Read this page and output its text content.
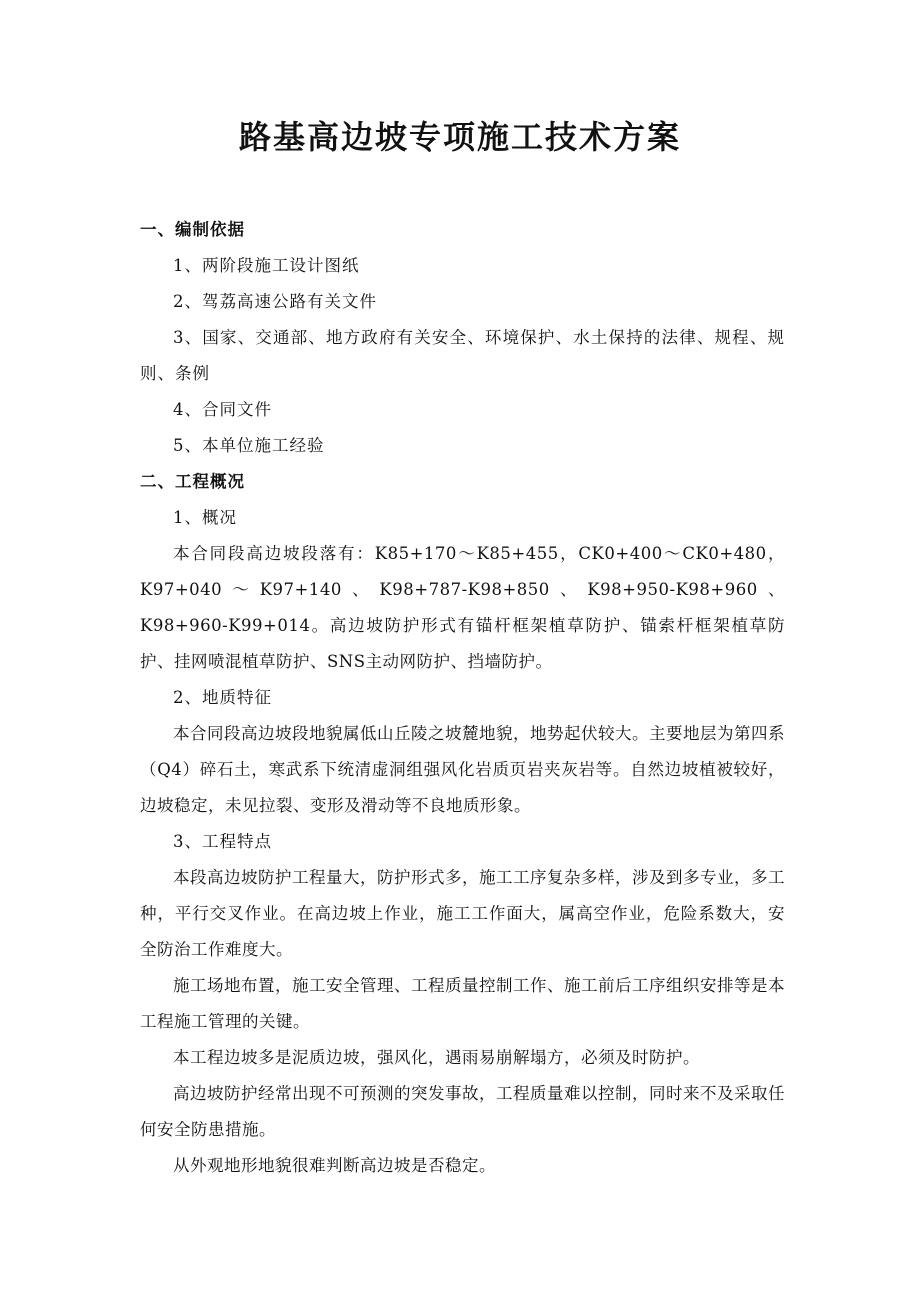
路基高边坡专项施工技术方案

一、编制依据

1、两阶段施工设计图纸

2、驾荔高速公路有关文件

3、国家、交通部、地方政府有关安全、环境保护、水土保持的法律、规程、规则、条例

4、合同文件

5、本单位施工经验

二、工程概况

1、概况

本合同段高边坡段落有：K85+170～K85+455，CK0+400～CK0+480，K97+040～K97+140、K98+787-K98+850、K98+950-K98+960、K98+960-K99+014。高边坡防护形式有锚杆框架植草防护、锚索杆框架植草防护、挂网喷混植草防护、SNS主动网防护、挡墙防护。

2、地质特征

本合同段高边坡段地貌属低山丘陵之坡麓地貌，地势起伏较大。主要地层为第四系（Q4）碎石土，寒武系下统清虚洞组强风化岩质页岩夹灰岩等。自然边坡植被较好，边坡稳定，未见拉裂、变形及滑动等不良地质形象。

3、工程特点

本段高边坡防护工程量大，防护形式多，施工工序复杂多样，涉及到多专业，多工种，平行交叉作业。在高边坡上作业，施工工作面大，属高空作业，危险系数大，安全防治工作难度大。

施工场地布置，施工安全管理、工程质量控制工作、施工前后工序组织安排等是本工程施工管理的关键。

本工程边坡多是泥质边坡，强风化，遇雨易崩解塌方，必须及时防护。

高边坡防护经常出现不可预测的突发事故，工程质量难以控制，同时来不及采取任何安全防患措施。

从外观地形地貌很难判断高边坡是否稳定。
